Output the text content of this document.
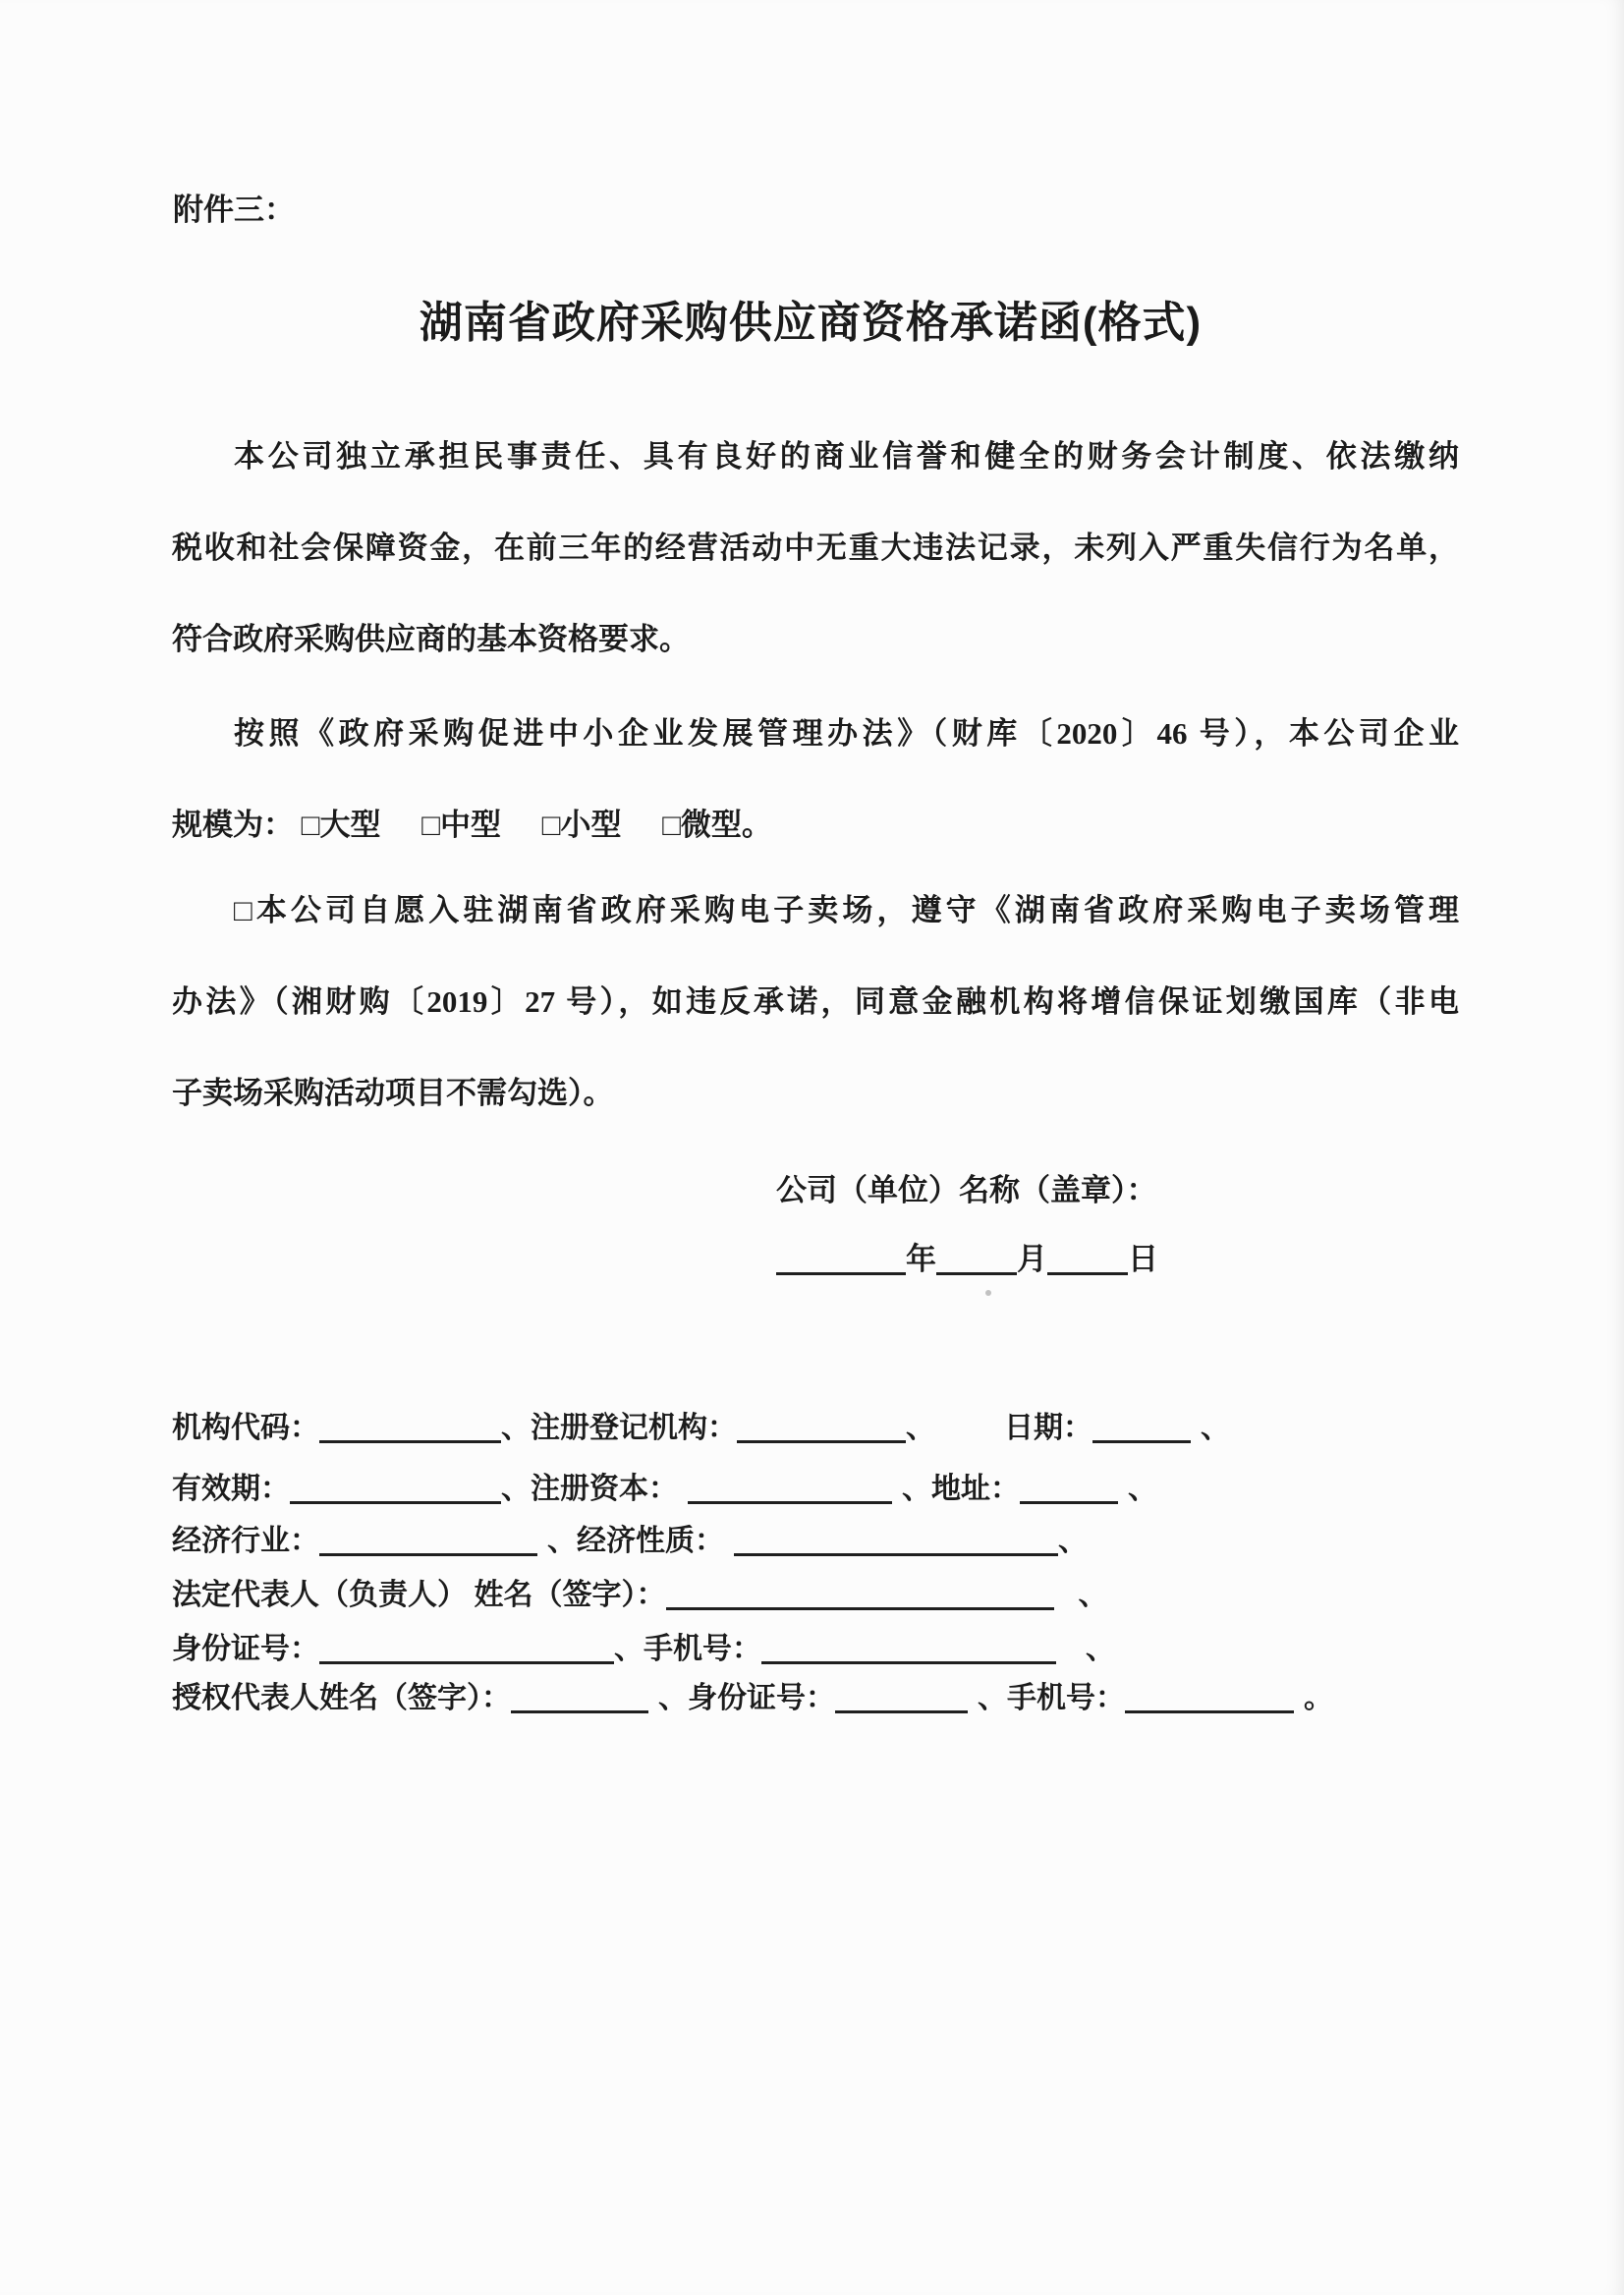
附件三：
湖南省政府采购供应商资格承诺函(格式)
本公司独立承担民事责任、具有良好的商业信誉和健全的财务会计制度、依法缴纳
税收和社会保障资金，在前三年的经营活动中无重大违法记录，未列入严重失信行为名单，
符合政府采购供应商的基本资格要求。
按照《政府采购促进中小企业发展管理办法》（财库〔2020〕46 号），本公司企业
规模为： □大型 □中型 □小型 □微型。
□本公司自愿入驻湖南省政府采购电子卖场，遵守《湖南省政府采购电子卖场管理
办法》（湘财购〔2019〕27 号），如违反承诺，同意金融机构将增信保证划缴国库（非电
子卖场采购活动项目不需勾选）。
公司（单位）名称（盖章）：
年	月	日
机构代码：	、注册登记机构：	、 日期：	、
有效期：	、注册资本：	、地址：	、
经济行业：	、经济性质：	、
法定代表人（负责人） 姓名（签字）：	、
身份证号：	、手机号：	、
授权代表人姓名（签字）：	、身份证号：	、手机号：	。
